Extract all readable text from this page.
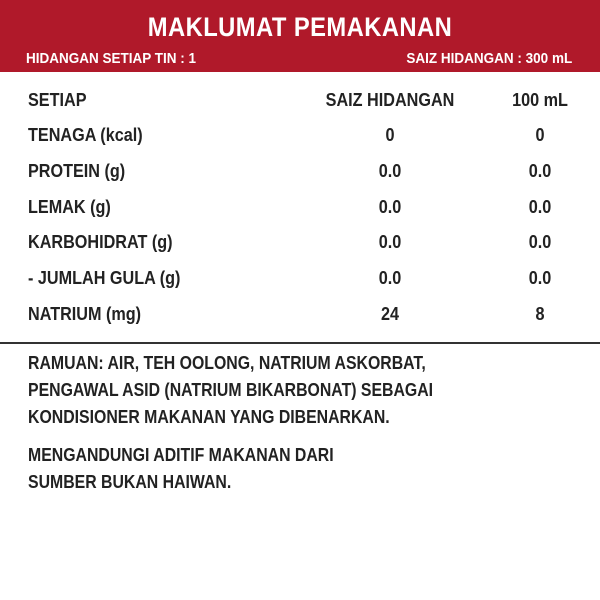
MAKLUMAT PEMAKANAN
HIDANGAN SETIAP TIN : 1	SAIZ HIDANGAN : 300 mL
SETIAP	SAIZ HIDANGAN	100 mL
TENAGA (kcal)	0	0
PROTEIN (g)	0.0	0.0
LEMAK (g)	0.0	0.0
KARBOHIDRAT (g)	0.0	0.0
- JUMLAH GULA (g)	0.0	0.0
NATRIUM (mg)	24	8
RAMUAN: AIR, TEH OOLONG, NATRIUM ASKORBAT,
PENGAWAL ASID (NATRIUM BIKARBONAT) SEBAGAI
KONDISIONER MAKANAN YANG DIBENARKAN.
MENGANDUNGI ADITIF MAKANAN DARI
SUMBER BUKAN HAIWAN.
